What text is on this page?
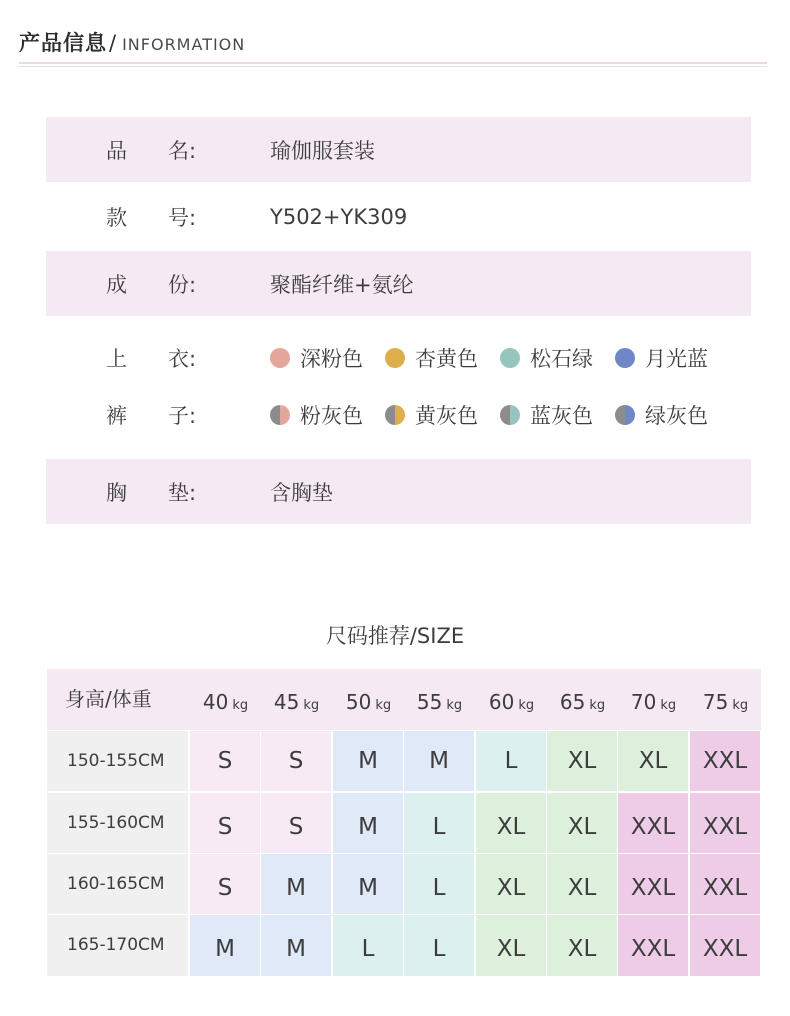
产品信息 / INFORMATION
品 名:	瑜伽服套装
款 号:	Y502+YK309
成 份:	聚酯纤维+氨纶
上 衣:	深粉色 杏黄色 松石绿 月光蓝
裤 子:	粉灰色 黄灰色 蓝灰色 绿灰色
胸 垫:	含胸垫
尺码推荐/SIZE
身高/体重	40 kg	45 kg	50 kg	55 kg	60 kg	65 kg	70 kg	75 kg
150-155CM	S	S	M	M	L	XL	XL	XXL
155-160CM	S	S	M	L	XL	XL	XXL	XXL
160-165CM	S	M	M	L	XL	XL	XXL	XXL
165-170CM	M	M	L	L	XL	XL	XXL	XXL
